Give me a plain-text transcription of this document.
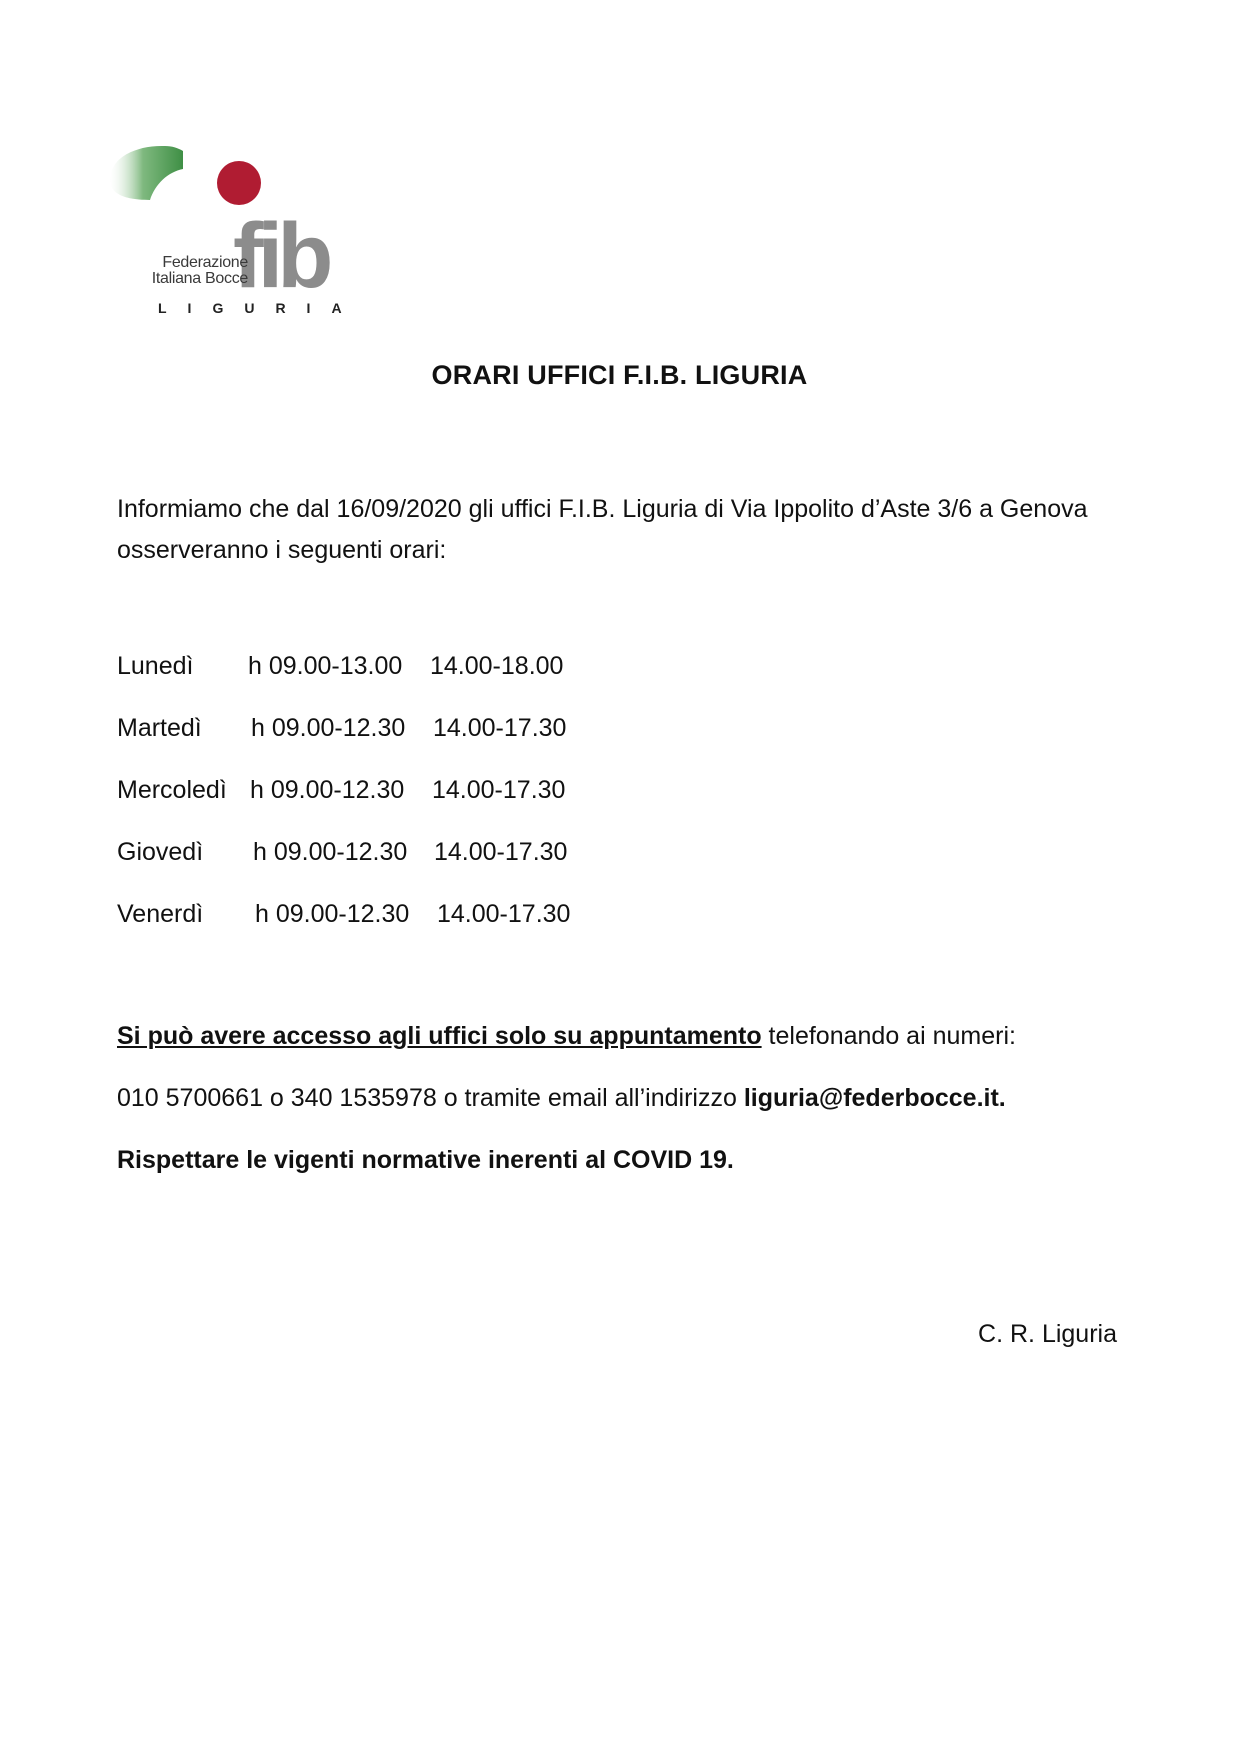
fib
Federazione
Italiana Bocce
LIGURIA
ORARI UFFICI F.I.B. LIGURIA
Informiamo che dal 16/09/2020 gli uffici F.I.B. Liguria di Via Ippolito d’Aste 3/6 a Genova osserveranno i seguenti orari:
Lunedì h 09.00-13.00 14.00-18.00
Martedì h 09.00-12.30 14.00-17.30
Mercoledì h 09.00-12.30 14.00-17.30
Giovedì h 09.00-12.30 14.00-17.30
Venerdì h 09.00-12.30 14.00-17.30
Si può avere accesso agli uffici solo su appuntamento telefonando ai numeri:
010 5700661 o 340 1535978 o tramite email all’indirizzo liguria@federbocce.it.
Rispettare le vigenti normative inerenti al COVID 19.
C. R. Liguria
